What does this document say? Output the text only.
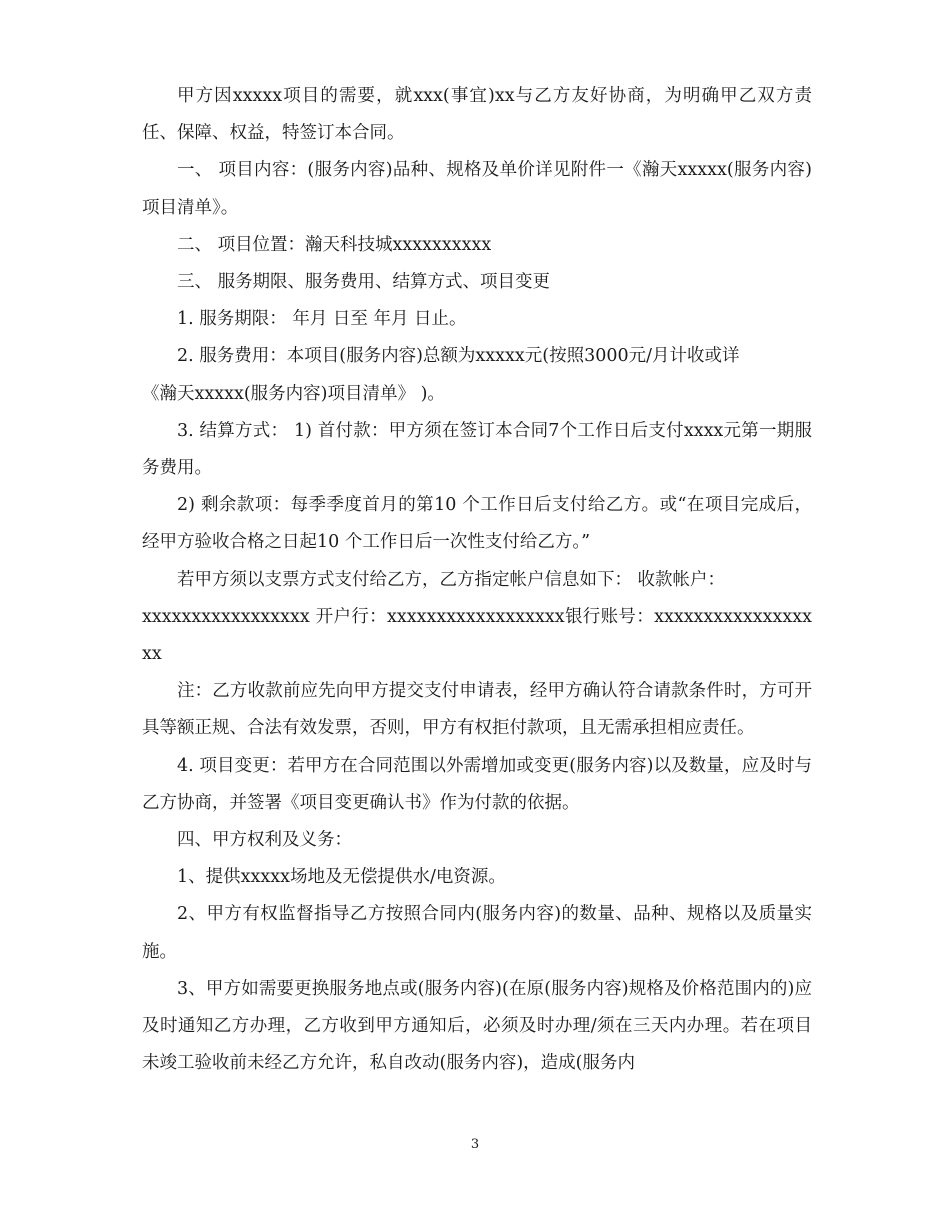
甲方因xxxxx项目的需要，就xxx(事宜)xx与乙方友好协商，为明确甲乙双方责任、保障、权益，特签订本合同。

一、 项目内容：(服务内容)品种、规格及单价详见附件一《瀚天xxxxx(服务内容)项目清单》。

二、 项目位置：瀚天科技城xxxxxxxxxx

三、 服务期限、服务费用、结算方式、项目变更

1. 服务期限： 年月 日至 年月 日止。

2. 服务费用：本项目(服务内容)总额为xxxxx元(按照3000元/月计收或详

《瀚天xxxxx(服务内容)项目清单》 )。

3. 结算方式： 1) 首付款：甲方须在签订本合同7个工作日后支付xxxx元第一期服务费用。

2) 剩余款项：每季季度首月的第10 个工作日后支付给乙方。或“在项目完成后，经甲方验收合格之日起10 个工作日后一次性支付给乙方。”

若甲方须以支票方式支付给乙方，乙方指定帐户信息如下： 收款帐户：

xxxxxxxxxxxxxxxxx 开户行：xxxxxxxxxxxxxxxxxx银行账号：xxxxxxxxxxxxxxxxxx

注：乙方收款前应先向甲方提交支付申请表，经甲方确认符合请款条件时，方可开具等额正规、合法有效发票，否则，甲方有权拒付款项，且无需承担相应责任。

4. 项目变更：若甲方在合同范围以外需增加或变更(服务内容)以及数量，应及时与乙方协商，并签署《项目变更确认书》作为付款的依据。

四、甲方权利及义务：

1、提供xxxxx场地及无偿提供水/电资源。

2、甲方有权监督指导乙方按照合同内(服务内容)的数量、品种、规格以及质量实施。

3、甲方如需要更换服务地点或(服务内容)(在原(服务内容)规格及价格范围内的)应及时通知乙方办理，乙方收到甲方通知后，必须及时办理/须在三天内办理。若在项目未竣工验收前未经乙方允许，私自改动(服务内容)，造成(服务内

3
